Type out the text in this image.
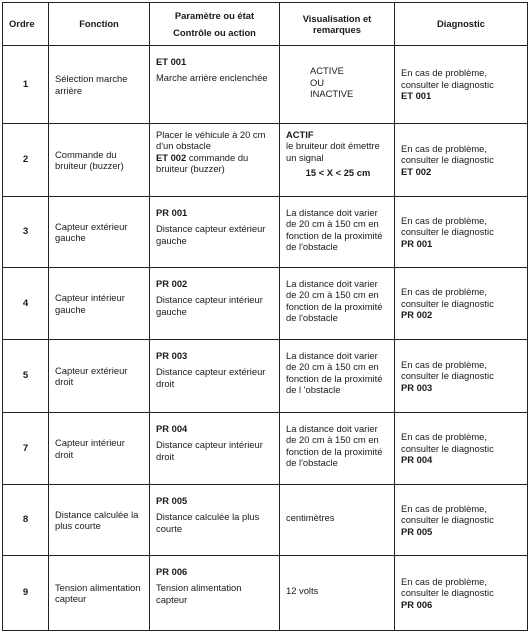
Ordre	Fonction	Paramètre ou état
Contrôle ou action	Visualisation et remarques	Diagnostic
1	Sélection marche arrière	ET 001
Marche arrière enclenchée	ACTIVE
OU
INACTIVE	En cas de problème, consulter le diagnostic
ET 001
2	Commande du bruiteur (buzzer)	Placer le véhicule à 20 cm d'un obstacle
ET 002 commande du bruiteur (buzzer)	ACTIF
le bruiteur doit émettre un signal
15 < X < 25 cm	En cas de problème, consulter le diagnostic
ET 002
3	Capteur extérieur gauche	PR 001
Distance capteur extérieur gauche	La distance doit varier de 20 cm à 150 cm en fonction de la proximité de l'obstacle	En cas de problème, consulter le diagnostic
PR 001
4	Capteur intérieur gauche	PR 002
Distance capteur intérieur gauche	La distance doit varier de 20 cm à 150 cm en fonction de la proximité de l'obstacle	En cas de problème, consulter le diagnostic
PR 002
5	Capteur extérieur droit	PR 003
Distance capteur extérieur droit	La distance doit varier de 20 cm à 150 cm en fonction de la proximité de l 'obstacle	En cas de problème, consulter le diagnostic
PR 003
7	Capteur intérieur droit	PR 004
Distance capteur intérieur droit	La distance doit varier de 20 cm à 150 cm en fonction de la proximité de l'obstacle	En cas de problème, consulter le diagnostic
PR 004
8	Distance calculée la plus courte	PR 005
Distance calculée la plus courte	centimètres	En cas de problème, consulter le diagnostic
PR 005
9	Tension alimentation capteur	PR 006
Tension alimentation capteur	12 volts	En cas de problème, consulter le diagnostic
PR 006
